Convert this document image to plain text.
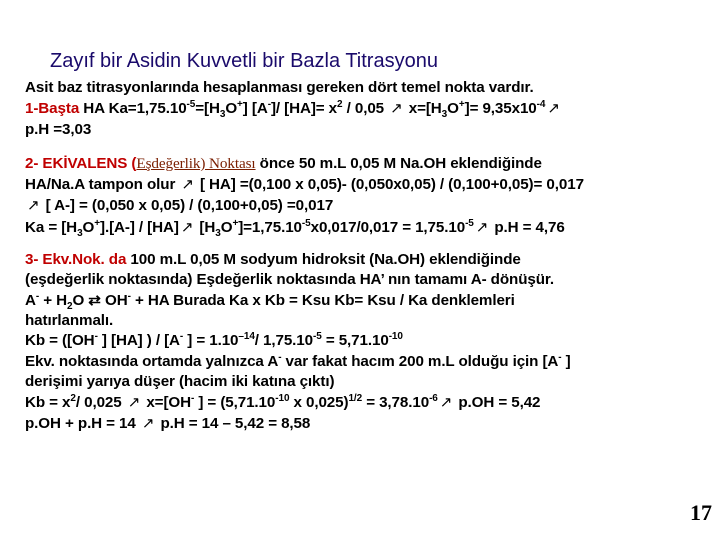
Zayıf bir Asidin Kuvvetli bir Bazla Titrasyonu

Asit baz titrasyonlarında hesaplanması gereken dört temel nokta vardır.

1-Başta HA $Ka=1,75.10^{-5}=[H_3O^+]$ [A-]/ $[HA]= x^2 / 0,05$ ↗ $x=[H_3O^+]=$ $9,35x10^{-4}↗$

p.H =3,03

2- EKİVALENS (Eşdeğerlik) Noktası önce 50 m.L 0,05 M Na.OH eklendiğinde

HA/Na.A tampon olur ↗ [ HA] =(0,100 x 0,05)- (0,050x0,05) / (0,100+0,05)= 0,017

↗ [ A-] = (0,050 x 0,05) / (0,100+0,05) =0,017

$Ka = [H_3O^+].[A-]$ / [HA]↗ $[H_3O^+]=1,75.10^{-5}x0,017/0,017$ = $1,75.10^{-5}↗$ p.H = 4,76

3- Ekv.Nok. da 100 m.L 0,05 M sodyum hidroksit (Na.OH) eklendiğinde

(eşdeğerlik noktasında) Eşdeğerlik noktasında HA’ nın tamamı A- dönüşür.

$A^- + H_2O$ ⇄ OH- + HA Burada Ka x Kb = Ksu Kb= Ksu / Ka denklemleri

hatırlanmalı.

Kb = ([OH- ] [HA] ) / [A- ] = $1.10^{-14}/$ $1,75.10^{-5} = 5,71.10^{-10}$

Ekv. noktasında ortamda yalnızca A- var fakat hacım 200 m.L olduğu için [A- ]

derişimi yarıya düşer (hacim iki katına çıktı)

$Kb = x^2/$ 0,025 ↗ x=[OH- ] = ($5,71.10^{-10}$ x $0,025)^{1/2} = 3,78.10^{-6}↗$ p.OH = 5,42

p.OH + p.H = 14 ↗ p.H = 14 – 5,42 = 8,58

17
